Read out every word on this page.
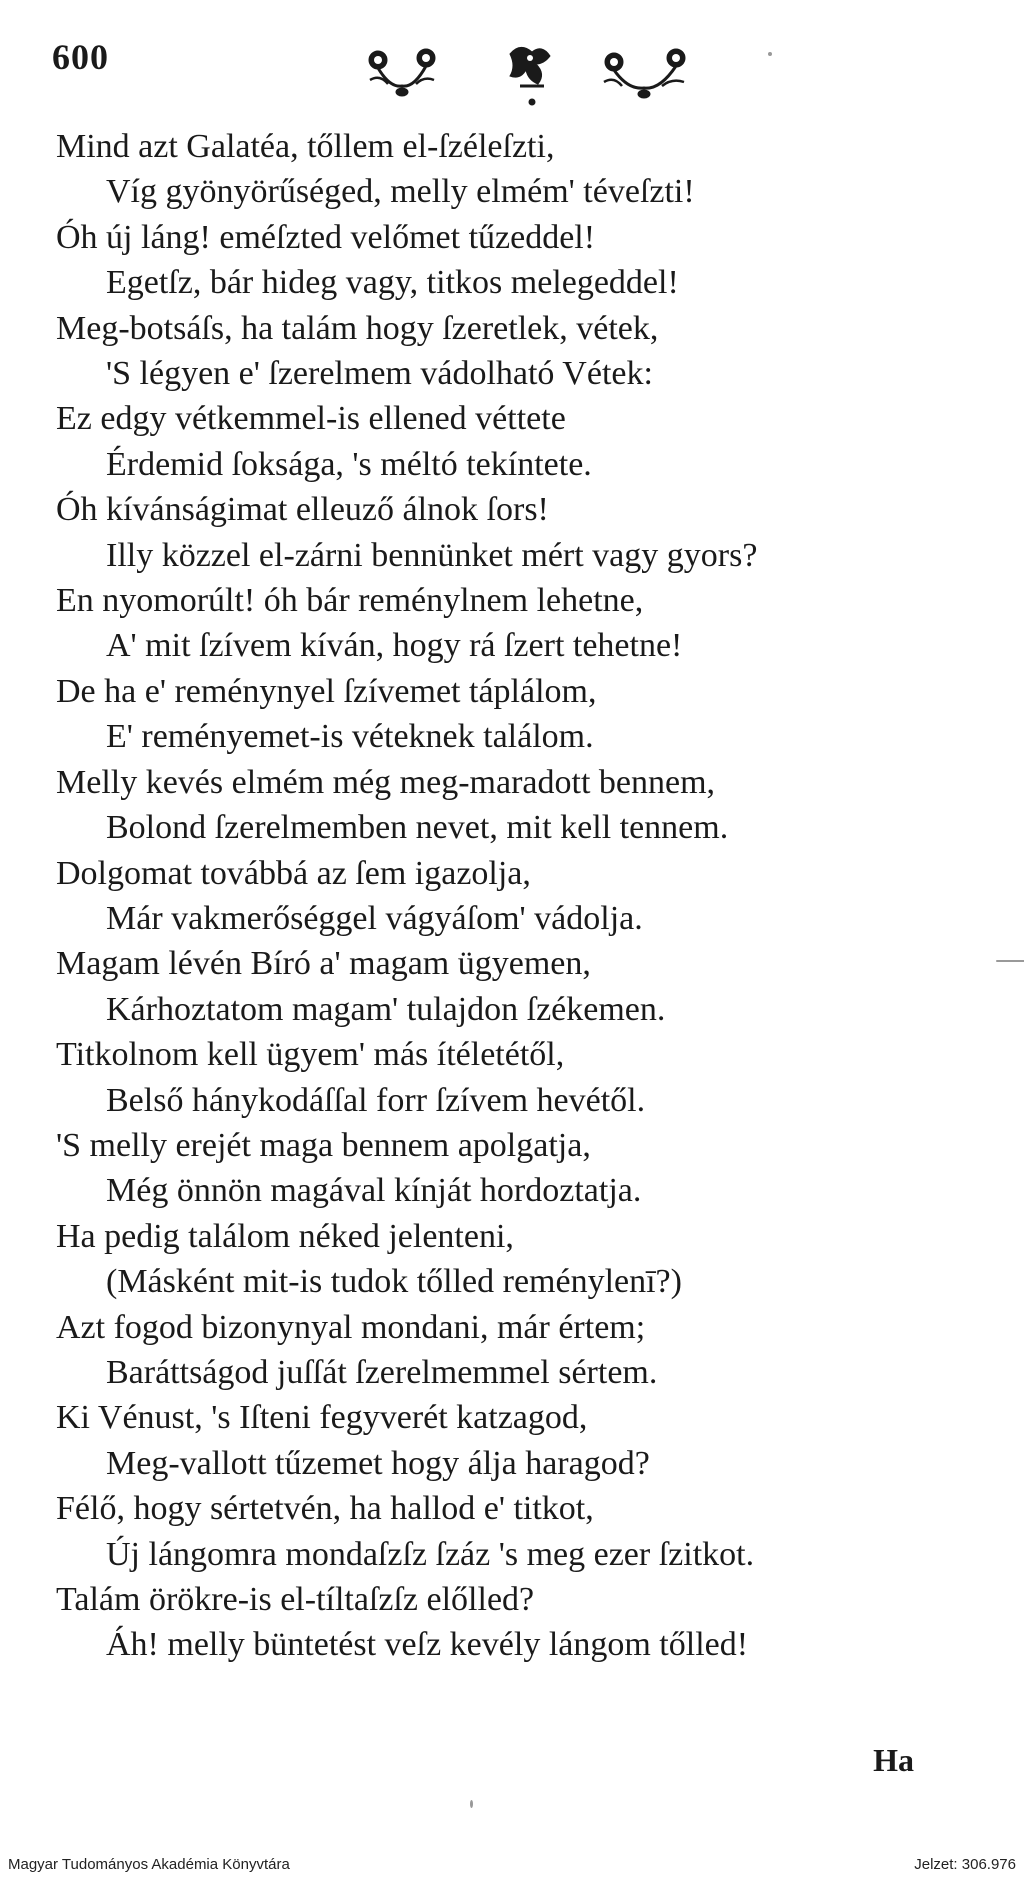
600
Mind azt Galatéa, tőllem el-ſzéleſzti,
Víg gyönyörűséged, melly elmém' téveſzti!
Óh új láng! eméſzted velőmet tűzeddel!
Egetſz, bár hideg vagy, titkos melegeddel!
Meg-botsáſs, ha talám hogy ſzeretlek, vétek,
'S légyen e' ſzerelmem vádolható Vétek:
Ez edgy vétkemmel-is ellened véttete
Érdemid ſoksága, 's méltó tekíntete.
Óh kívánságimat elleuző álnok ſors!
Illy közzel el-zárni bennünket mért vagy gyors?
En nyomorúlt! óh bár reménylnem lehetne,
A' mit ſzívem kíván, hogy rá ſzert tehetne!
De ha e' reménynyel ſzívemet táplálom,
E' reményemet-is véteknek találom.
Melly kevés elmém még meg-maradott bennem,
Bolond ſzerelmemben nevet, mit kell tennem.
Dolgomat továbbá az ſem igazolja,
Már vakmerőséggel vágyáſom' vádolja.
Magam lévén Bíró a' magam ügyemen,
Kárhoztatom magam' tulajdon ſzékemen.
Titkolnom kell ügyem' más ítéletétől,
Belső hánykodáſſal forr ſzívem hevétől.
'S melly erejét maga bennem apolgatja,
Még önnön magával kínját hordoztatja.
Ha pedig találom néked jelenteni,
(Másként mit-is tudok tőlled reménylenī?)
Azt fogod bizonynyal mondani, már értem;
Baráttságod juſſát ſzerelmemmel sértem.
Ki Vénust, 's Iſteni fegyverét katzagod,
Meg-vallott tűzemet hogy álja haragod?
Félő, hogy sértetvén, ha hallod e' titkot,
Új lángomra mondaſzſz ſzáz 's meg ezer ſzitkot.
Talám örökre-is el-tíltaſzſz előlled?
Áh! melly büntetést veſz kevély lángom tőlled!
Ha
Magyar Tudományos Akadémia Könyvtára	Jelzet: 306.976
